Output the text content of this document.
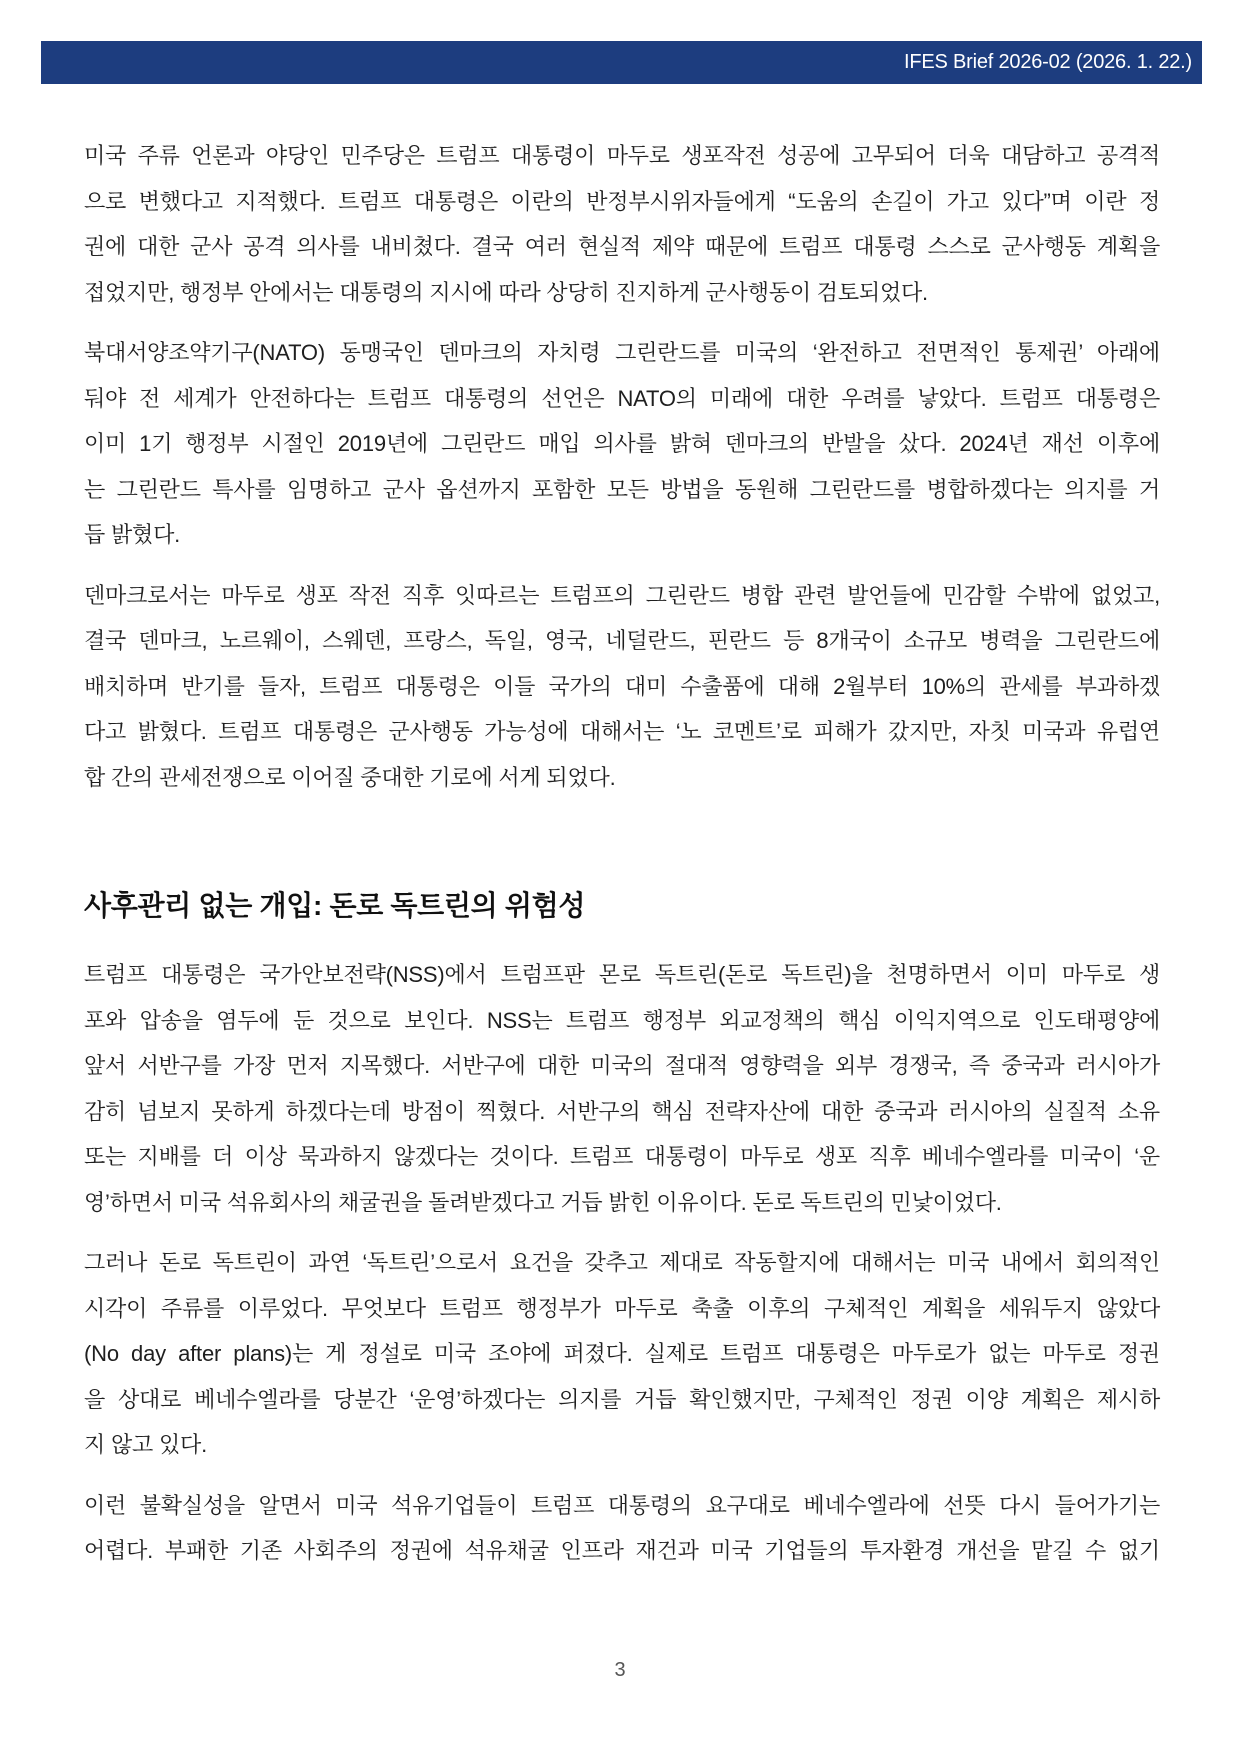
IFES Brief 2026-02 (2026. 1. 22.)
미국 주류 언론과 야당인 민주당은 트럼프 대통령이 마두로 생포작전 성공에 고무되어 더욱 대담하고 공격적
으로 변했다고 지적했다. 트럼프 대통령은 이란의 반정부시위자들에게 “도움의 손길이 가고 있다”며 이란 정
권에 대한 군사 공격 의사를 내비쳤다. 결국 여러 현실적 제약 때문에 트럼프 대통령 스스로 군사행동 계획을
접었지만, 행정부 안에서는 대통령의 지시에 따라 상당히 진지하게 군사행동이 검토되었다.
북대서양조약기구(NATO) 동맹국인 덴마크의 자치령 그린란드를 미국의 ‘완전하고 전면적인 통제권’ 아래에
둬야 전 세계가 안전하다는 트럼프 대통령의 선언은 NATO의 미래에 대한 우려를 낳았다. 트럼프 대통령은
이미 1기 행정부 시절인 2019년에 그린란드 매입 의사를 밝혀 덴마크의 반발을 샀다. 2024년 재선 이후에
는 그린란드 특사를 임명하고 군사 옵션까지 포함한 모든 방법을 동원해 그린란드를 병합하겠다는 의지를 거
듭 밝혔다.
덴마크로서는 마두로 생포 작전 직후 잇따르는 트럼프의 그린란드 병합 관련 발언들에 민감할 수밖에 없었고,
결국 덴마크, 노르웨이, 스웨덴, 프랑스, 독일, 영국, 네덜란드, 핀란드 등 8개국이 소규모 병력을 그린란드에
배치하며 반기를 들자, 트럼프 대통령은 이들 국가의 대미 수출품에 대해 2월부터 10%의 관세를 부과하겠
다고 밝혔다. 트럼프 대통령은 군사행동 가능성에 대해서는 ‘노 코멘트’로 피해가 갔지만, 자칫 미국과 유럽연
합 간의 관세전쟁으로 이어질 중대한 기로에 서게 되었다.
사후관리 없는 개입: 돈로 독트린의 위험성
트럼프 대통령은 국가안보전략(NSS)에서 트럼프판 몬로 독트린(돈로 독트린)을 천명하면서 이미 마두로 생
포와 압송을 염두에 둔 것으로 보인다. NSS는 트럼프 행정부 외교정책의 핵심 이익지역으로 인도태평양에
앞서 서반구를 가장 먼저 지목했다. 서반구에 대한 미국의 절대적 영향력을 외부 경쟁국, 즉 중국과 러시아가
감히 넘보지 못하게 하겠다는데 방점이 찍혔다. 서반구의 핵심 전략자산에 대한 중국과 러시아의 실질적 소유
또는 지배를 더 이상 묵과하지 않겠다는 것이다. 트럼프 대통령이 마두로 생포 직후 베네수엘라를 미국이 ‘운
영’하면서 미국 석유회사의 채굴권을 돌려받겠다고 거듭 밝힌 이유이다. 돈로 독트린의 민낯이었다.
그러나 돈로 독트린이 과연 ‘독트린’으로서 요건을 갖추고 제대로 작동할지에 대해서는 미국 내에서 회의적인
시각이 주류를 이루었다. 무엇보다 트럼프 행정부가 마두로 축출 이후의 구체적인 계획을 세워두지 않았다
(No day after plans)는 게 정설로 미국 조야에 퍼졌다. 실제로 트럼프 대통령은 마두로가 없는 마두로 정권
을 상대로 베네수엘라를 당분간 ‘운영’하겠다는 의지를 거듭 확인했지만, 구체적인 정권 이양 계획은 제시하
지 않고 있다.
이런 불확실성을 알면서 미국 석유기업들이 트럼프 대통령의 요구대로 베네수엘라에 선뜻 다시 들어가기는
어렵다. 부패한 기존 사회주의 정권에 석유채굴 인프라 재건과 미국 기업들의 투자환경 개선을 맡길 수 없기
3
